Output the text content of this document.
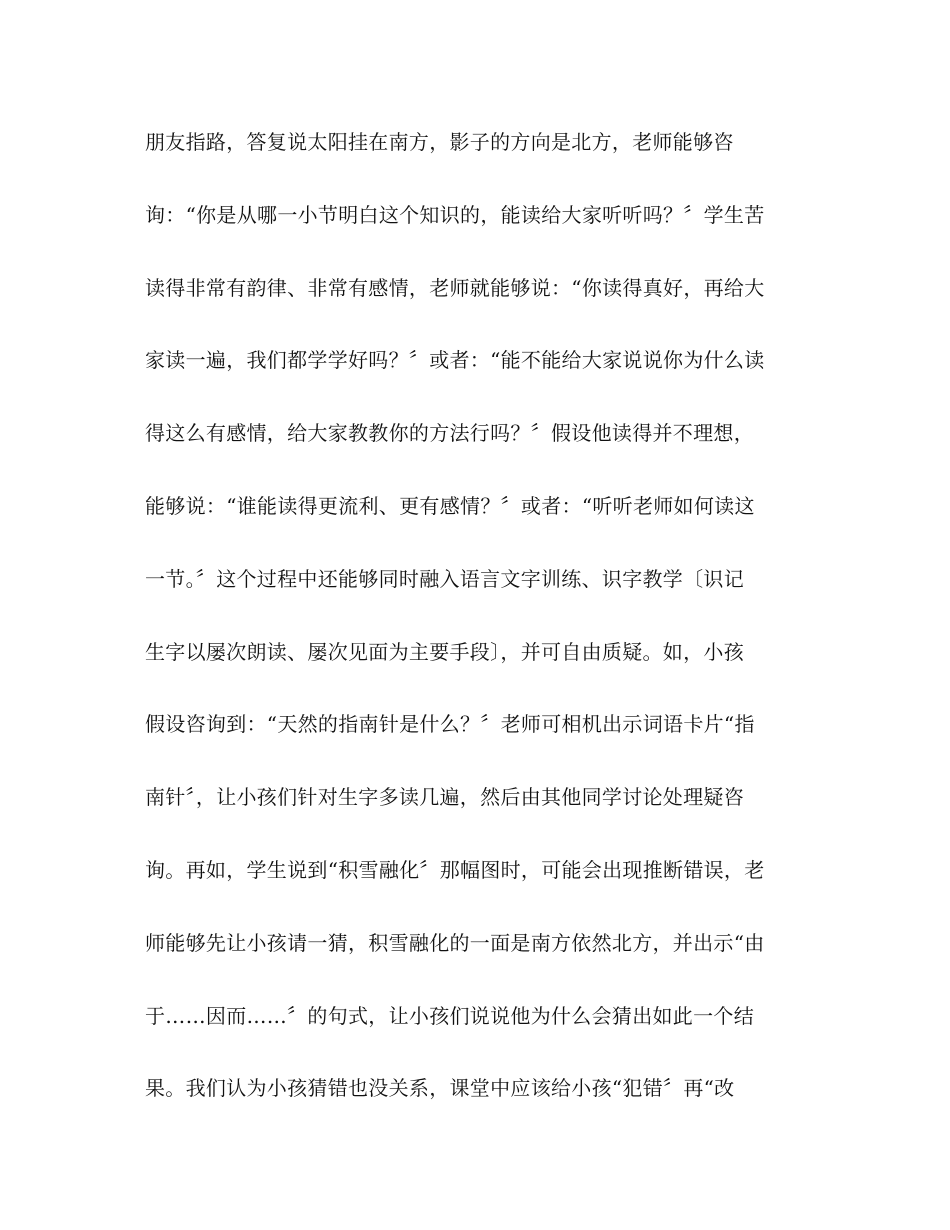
朋友指路，答复说太阳挂在南方，影子的方向是北方，老师能够咨
询：“你是从哪一小节明白这个知识的，能读给大家听听吗？〞学生苦
读得非常有韵律、非常有感情，老师就能够说：“你读得真好，再给大
家读一遍，我们都学学好吗？〞或者：“能不能给大家说说你为什么读
得这么有感情，给大家教教你的方法行吗？〞假设他读得并不理想，
能够说：“谁能读得更流利、更有感情？〞或者：“听听老师如何读这
一节。〞这个过程中还能够同时融入语言文字训练、识字教学〔识记
生字以屡次朗读、屡次见面为主要手段〕，并可自由质疑。如，小孩
假设咨询到：“天然的指南针是什么？〞老师可相机出示词语卡片“指
南针〞，让小孩们针对生字多读几遍，然后由其他同学讨论处理疑咨
询。再如，学生说到“积雪融化〞那幅图时，可能会出现推断错误，老
师能够先让小孩请一猜，积雪融化的一面是南方依然北方，并出示“由
于……因而……〞的句式，让小孩们说说他为什么会猜出如此一个结
果。我们认为小孩猜错也没关系，课堂中应该给小孩“犯错〞再“改
